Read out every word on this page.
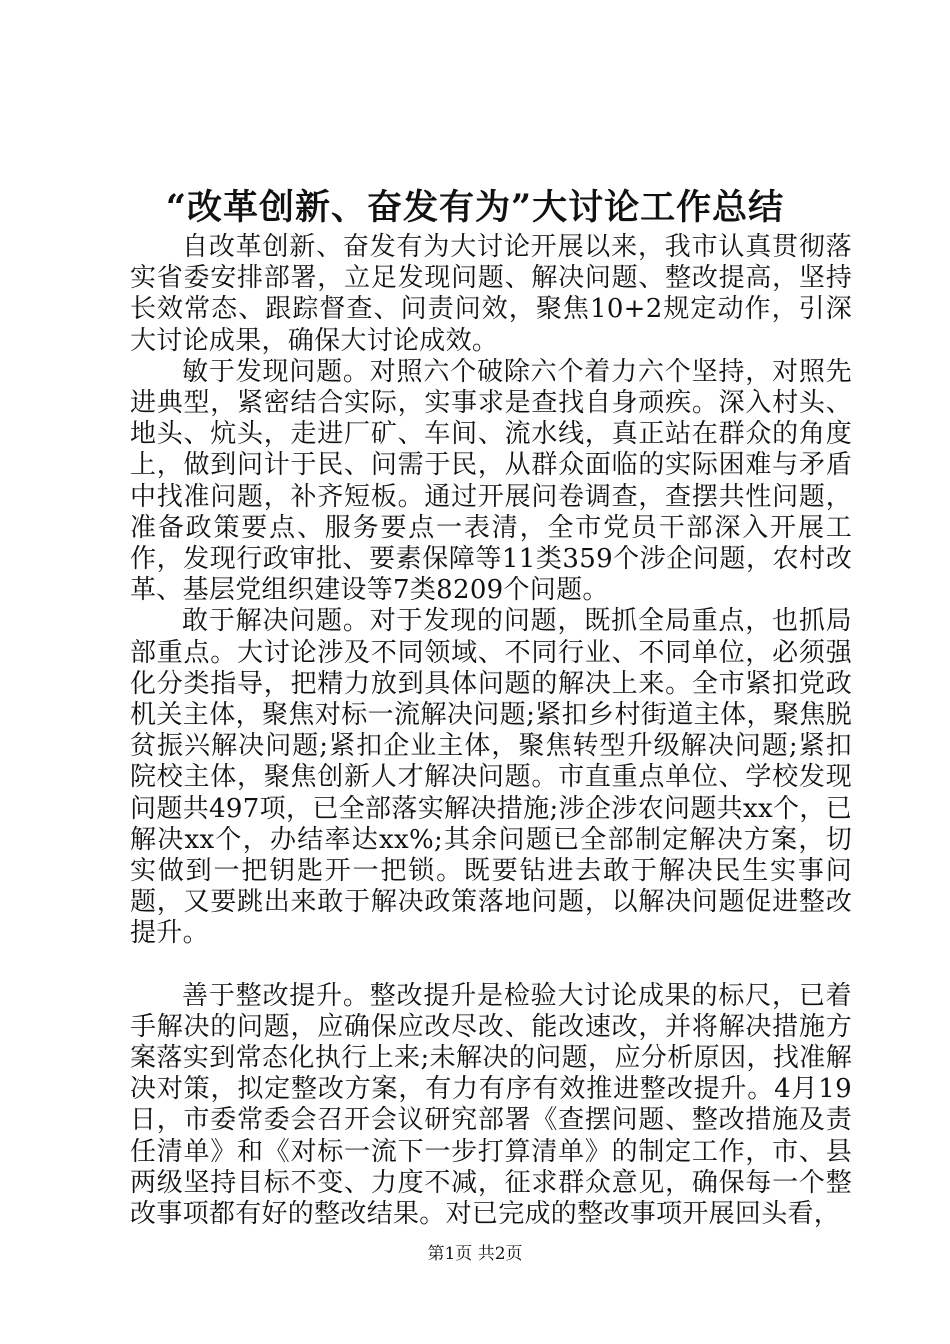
“改革创新、奋发有为”大讨论工作总结

自改革创新、奋发有为大讨论开展以来，我市认真贯彻落实省委安排部署，立足发现问题、解决问题、整改提高，坚持长效常态、跟踪督查、问责问效，聚焦10+2规定动作，引深大讨论成果，确保大讨论成效。

敏于发现问题。对照六个破除六个着力六个坚持，对照先进典型，紧密结合实际，实事求是查找自身顽疾。深入村头、地头、炕头，走进厂矿、车间、流水线，真正站在群众的角度上，做到问计于民、问需于民，从群众面临的实际困难与矛盾中找准问题，补齐短板。通过开展问卷调查，查摆共性问题，准备政策要点、服务要点一表清，全市党员干部深入开展工作，发现行政审批、要素保障等11类359个涉企问题，农村改革、基层党组织建设等7类8209个问题。

敢于解决问题。对于发现的问题，既抓全局重点，也抓局部重点。大讨论涉及不同领域、不同行业、不同单位，必须强化分类指导，把精力放到具体问题的解决上来。全市紧扣党政机关主体，聚焦对标一流解决问题;紧扣乡村街道主体，聚焦脱贫振兴解决问题;紧扣企业主体，聚焦转型升级解决问题;紧扣院校主体，聚焦创新人才解决问题。市直重点单位、学校发现问题共497项，已全部落实解决措施;涉企涉农问题共xx个，已解决xx个，办结率达xx%;其余问题已全部制定解决方案，切实做到一把钥匙开一把锁。既要钻进去敢于解决民生实事问题，又要跳出来敢于解决政策落地问题，以解决问题促进整改提升。

善于整改提升。整改提升是检验大讨论成果的标尺，已着手解决的问题，应确保应改尽改、能改速改，并将解决措施方案落实到常态化执行上来;未解决的问题，应分析原因，找准解决对策，拟定整改方案，有力有序有效推进整改提升。4月19日，市委常委会召开会议研究部署《查摆问题、整改措施及责任清单》和《对标一流下一步打算清单》的制定工作，市、县两级坚持目标不变、力度不减，征求群众意见，确保每一个整改事项都有好的整改结果。对已完成的整改事项开展回头看，

第1页 共2页
